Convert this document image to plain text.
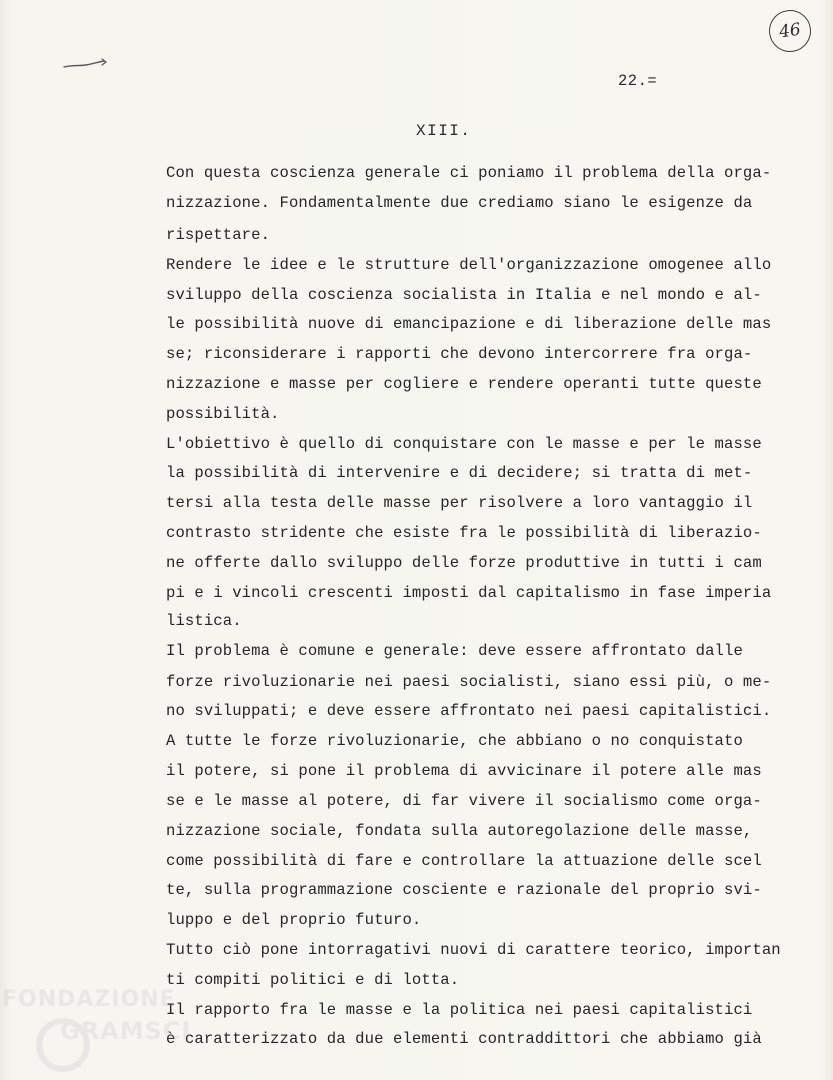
46
22.=
XIII.
Con questa coscienza generale ci poniamo il problema della orga-
nizzazione. Fondamentalmente due crediamo siano le esigenze da
rispettare.
Rendere le idee e le strutture dell'organizzazione omogenee allo
sviluppo della coscienza socialista in Italia e nel mondo e al-
le possibilità nuove di emancipazione e di liberazione delle mas
se; riconsiderare i rapporti che devono intercorrere fra orga-
nizzazione e masse per cogliere e rendere operanti tutte queste
possibilità.
L'obiettivo è quello di conquistare con le masse e per le masse
la possibilità di intervenire e di decidere; si tratta di met-
tersi alla testa delle masse per risolvere a loro vantaggio il
contrasto stridente che esiste fra le possibilità di liberazio-
ne offerte dallo sviluppo delle forze produttive in tutti i cam
pi e i vincoli crescenti imposti dal capitalismo in fase imperia
listica.
Il problema è comune e generale: deve essere affrontato dalle
forze rivoluzionarie nei paesi socialisti, siano essi più, o me-
no sviluppati; e deve essere affrontato nei paesi capitalistici.
A tutte le forze rivoluzionarie, che abbiano o no conquistato
il potere, si pone il problema di avvicinare il potere alle mas
se e le masse al potere, di far vivere il socialismo come orga-
nizzazione sociale, fondata sulla autoregolazione delle masse,
come possibilità di fare e controllare la attuazione delle scel
te, sulla programmazione cosciente e razionale del proprio svi-
luppo e del proprio futuro.
Tutto ciò pone intorragativi nuovi di carattere teorico, importan
ti compiti politici e di lotta.
Il rapporto fra le masse e la politica nei paesi capitalistici
è caratterizzato da due elementi contraddittori che abbiamo già
FONDAZIONE
GRAMSCI
